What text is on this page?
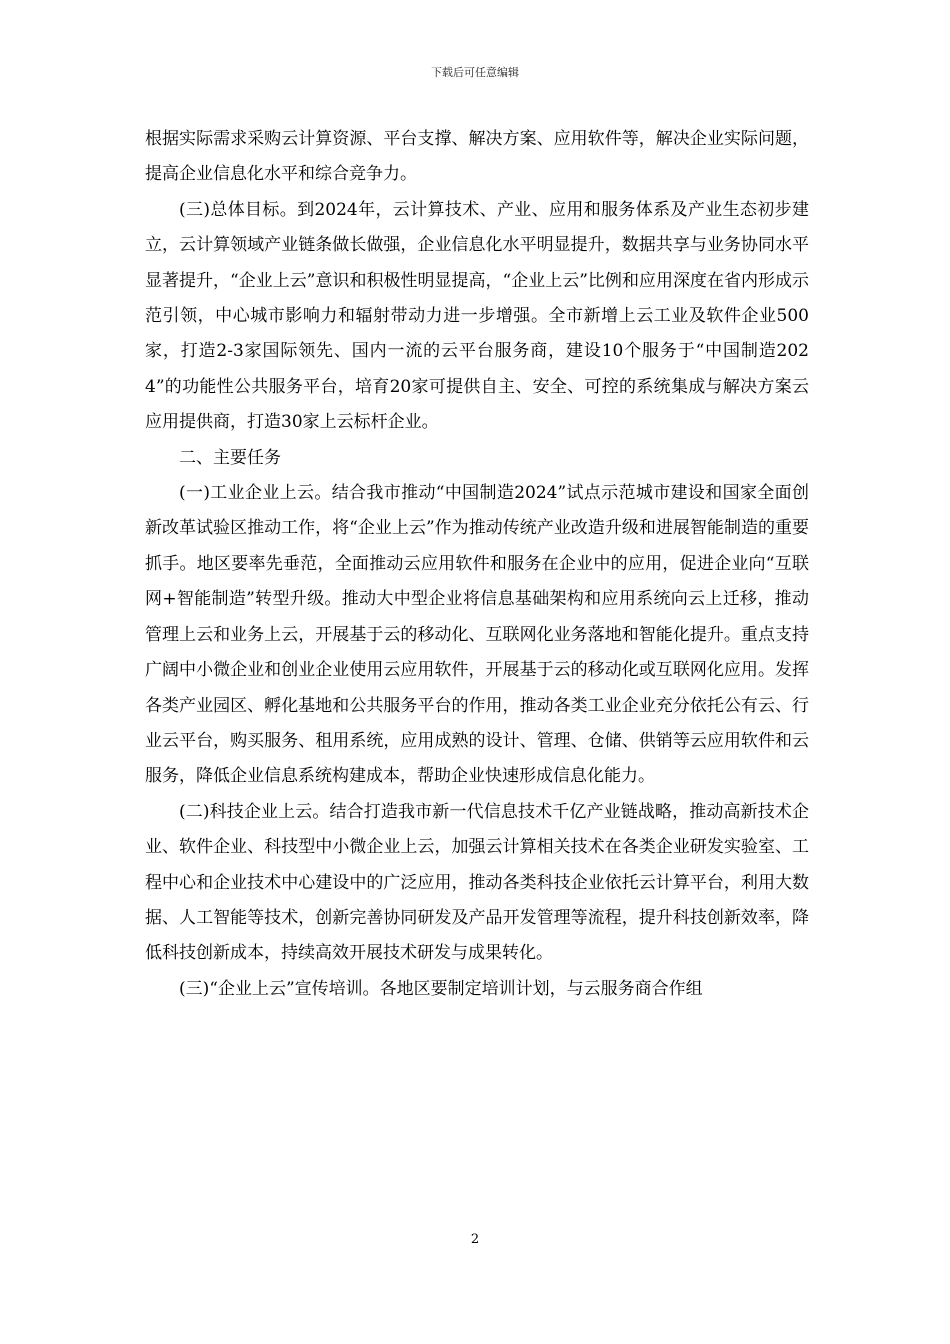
下载后可任意编辑

根据实际需求采购云计算资源、平台支撑、解决方案、应用软件等，解决企业实际问题，提高企业信息化水平和综合竞争力。

(三)总体目标。到2024年，云计算技术、产业、应用和服务体系及产业生态初步建立，云计算领域产业链条做长做强，企业信息化水平明显提升，数据共享与业务协同水平显著提升，“企业上云”意识和积极性明显提高，“企业上云”比例和应用深度在省内形成示范引领，中心城市影响力和辐射带动力进一步增强。全市新增上云工业及软件企业500家，打造2-3家国际领先、国内一流的云平台服务商，建设10个服务于“中国制造2024”的功能性公共服务平台，培育20家可提供自主、安全、可控的系统集成与解决方案云应用提供商，打造30家上云标杆企业。

二、主要任务

(一)工业企业上云。结合我市推动“中国制造2024”试点示范城市建设和国家全面创新改革试验区推动工作，将“企业上云”作为推动传统产业改造升级和进展智能制造的重要抓手。地区要率先垂范，全面推动云应用软件和服务在企业中的应用，促进企业向“互联网+智能制造”转型升级。推动大中型企业将信息基础架构和应用系统向云上迁移，推动管理上云和业务上云，开展基于云的移动化、互联网化业务落地和智能化提升。重点支持广阔中小微企业和创业企业使用云应用软件，开展基于云的移动化或互联网化应用。发挥各类产业园区、孵化基地和公共服务平台的作用，推动各类工业企业充分依托公有云、行业云平台，购买服务、租用系统，应用成熟的设计、管理、仓储、供销等云应用软件和云服务，降低企业信息系统构建成本，帮助企业快速形成信息化能力。

(二)科技企业上云。结合打造我市新一代信息技术千亿产业链战略，推动高新技术企业、软件企业、科技型中小微企业上云，加强云计算相关技术在各类企业研发实验室、工程中心和企业技术中心建设中的广泛应用，推动各类科技企业依托云计算平台，利用大数据、人工智能等技术，创新完善协同研发及产品开发管理等流程，提升科技创新效率，降低科技创新成本，持续高效开展技术研发与成果转化。

(三)“企业上云”宣传培训。各地区要制定培训计划，与云服务商合作组

2
